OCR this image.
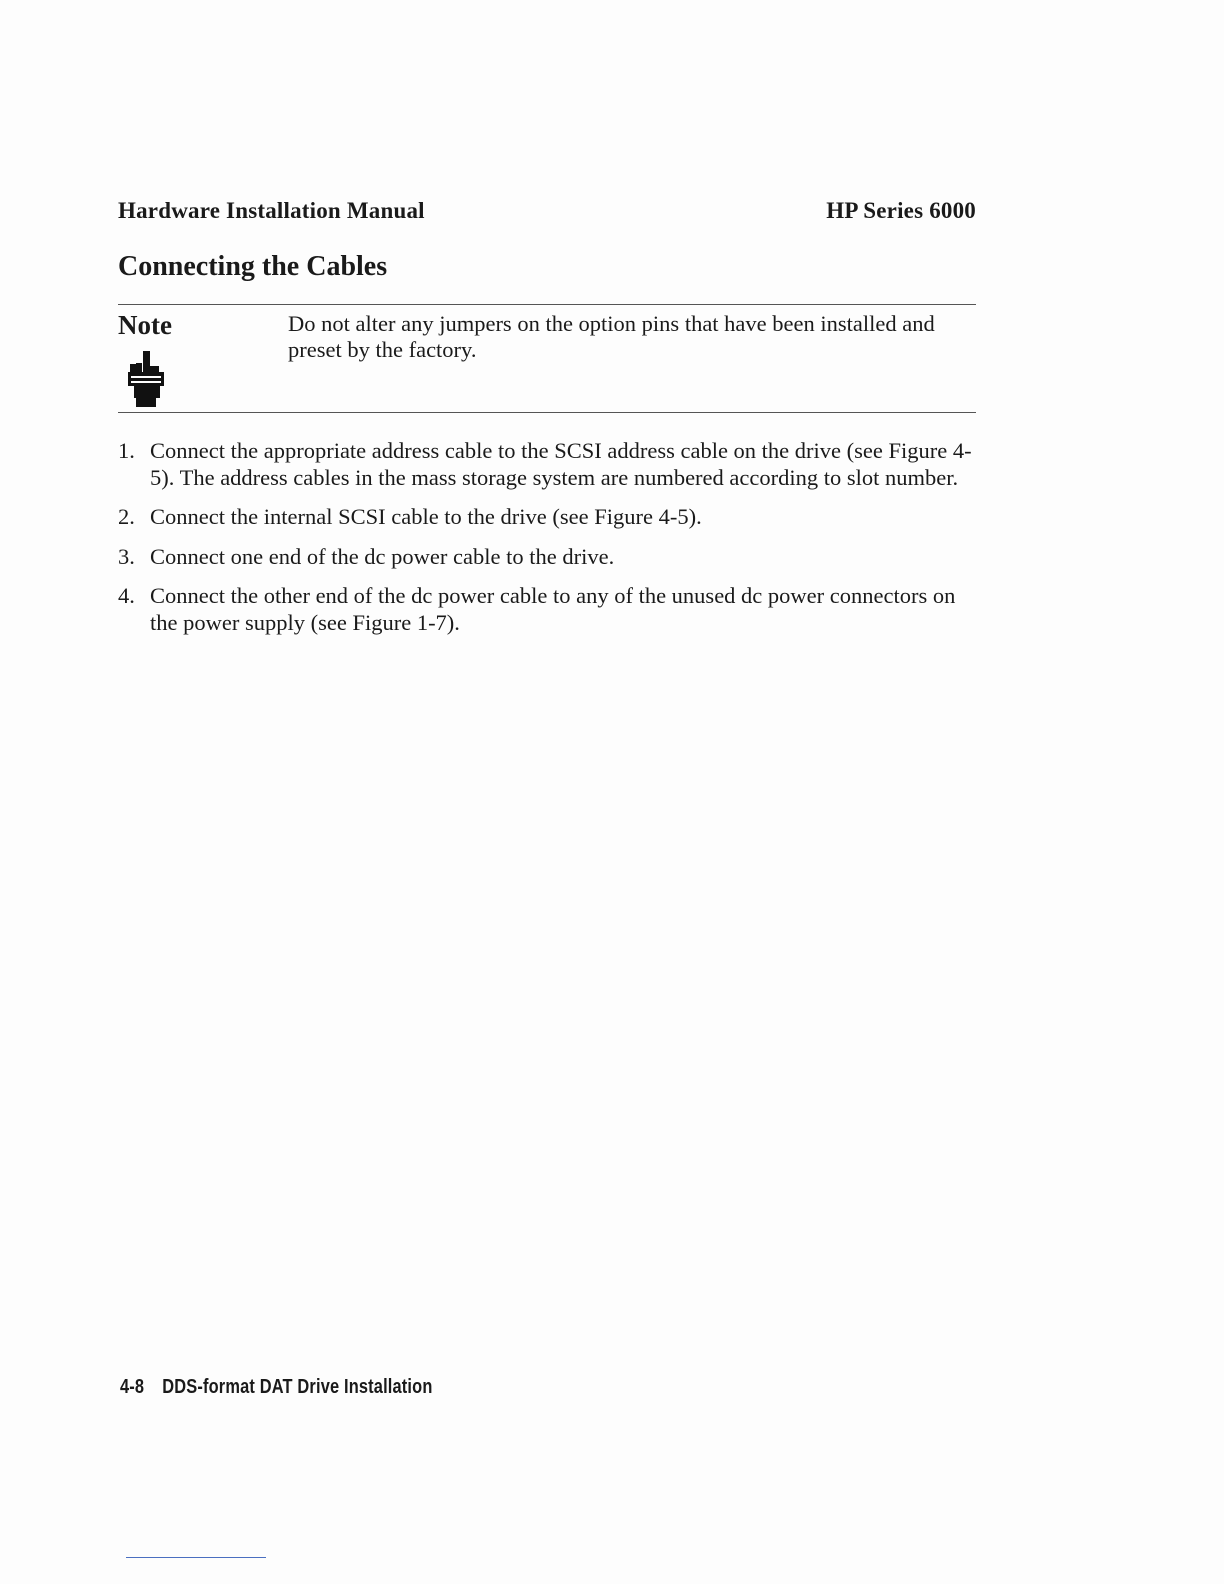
Hardware Installation Manual	HP Series 6000
Connecting the Cables
Note	Do not alter any jumpers on the option pins that have been installed and preset by the factory.

1. Connect the appropriate address cable to the SCSI address cable on the drive (see Figure 4-5). The address cables in the mass storage system are numbered according to slot number.
2. Connect the internal SCSI cable to the drive (see Figure 4-5).
3. Connect one end of the dc power cable to the drive.
4. Connect the other end of the dc power cable to any of the unused dc power connectors on the power supply (see Figure 1-7).
4-8 DDS-format DAT Drive Installation
